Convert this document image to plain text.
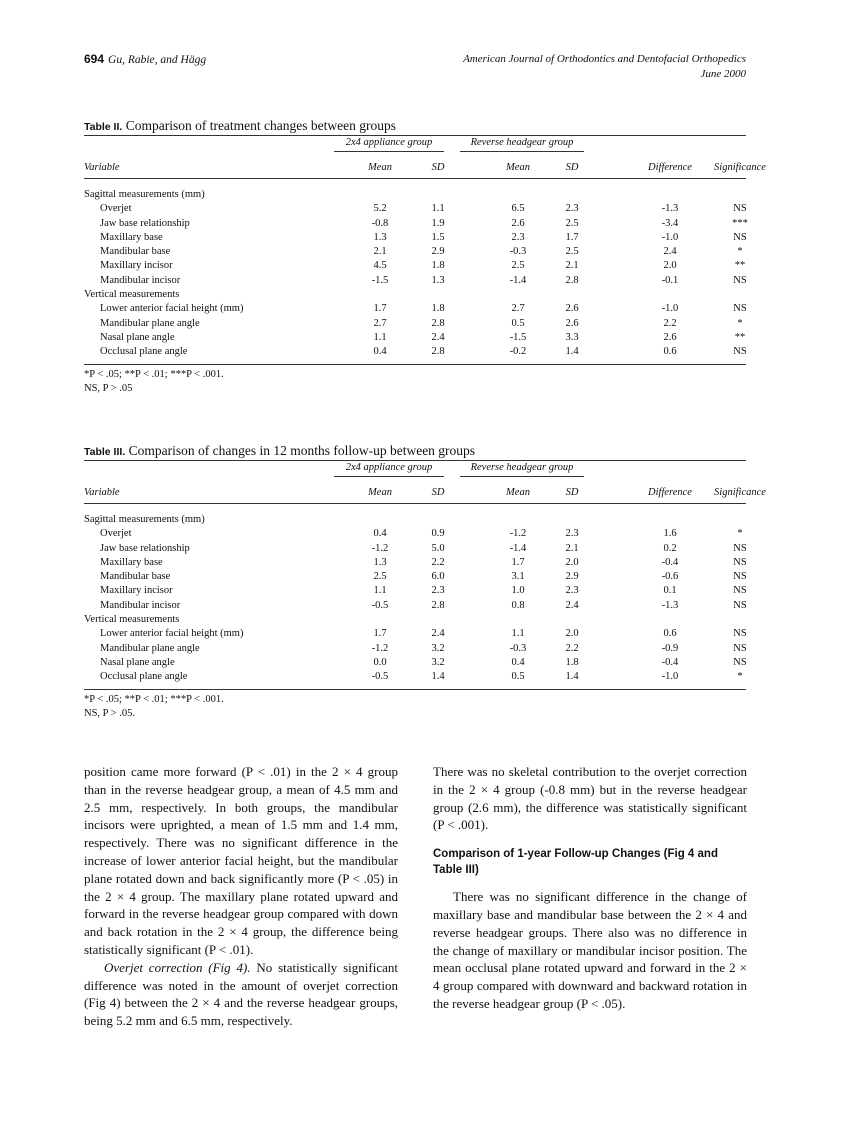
694 Gu, Rabie, and Hägg	American Journal of Orthodontics and Dentofacial Orthopedics
June 2000
Table II. Comparison of treatment changes between groups
2x4 appliance group	Reverse headgear group
Variable	Mean	SD	Mean	SD	Difference	Significance
Sagittal measurements (mm)
Overjet	5.2	1.1	6.5	2.3	-1.3	NS
Jaw base relationship	-0.8	1.9	2.6	2.5	-3.4	***
Maxillary base	1.3	1.5	2.3	1.7	-1.0	NS
Mandibular base	2.1	2.9	-0.3	2.5	2.4	*
Maxillary incisor	4.5	1.8	2.5	2.1	2.0	**
Mandibular incisor	-1.5	1.3	-1.4	2.8	-0.1	NS
Vertical measurements
Lower anterior facial height (mm)	1.7	1.8	2.7	2.6	-1.0	NS
Mandibular plane angle	2.7	2.8	0.5	2.6	2.2	*
Nasal plane angle	1.1	2.4	-1.5	3.3	2.6	**
Occlusal plane angle	0.4	2.8	-0.2	1.4	0.6	NS
*P < .05; **P < .01; ***P < .001.
NS, P > .05
Table III. Comparison of changes in 12 months follow-up between groups
2x4 appliance group	Reverse headgear group
Variable	Mean	SD	Mean	SD	Difference	Significance
Sagittal measurements (mm)
Overjet	0.4	0.9	-1.2	2.3	1.6	*
Jaw base relationship	-1.2	5.0	-1.4	2.1	0.2	NS
Maxillary base	1.3	2.2	1.7	2.0	-0.4	NS
Mandibular base	2.5	6.0	3.1	2.9	-0.6	NS
Maxillary incisor	1.1	2.3	1.0	2.3	0.1	NS
Mandibular incisor	-0.5	2.8	0.8	2.4	-1.3	NS
Vertical measurements
Lower anterior facial height (mm)	1.7	2.4	1.1	2.0	0.6	NS
Mandibular plane angle	-1.2	3.2	-0.3	2.2	-0.9	NS
Nasal plane angle	0.0	3.2	0.4	1.8	-0.4	NS
Occlusal plane angle	-0.5	1.4	0.5	1.4	-1.0	*
*P < .05; **P < .01; ***P < .001.
NS, P > .05.

position came more forward (P < .01) in the 2 × 4 group than in the reverse headgear group, a mean of 4.5 mm and 2.5 mm, respectively. In both groups, the mandibular incisors were uprighted, a mean of 1.5 mm and 1.4 mm, respectively. There was no significant difference in the increase of lower anterior facial height, but the mandibular plane rotated down and back significantly more (P < .05) in the 2 × 4 group. The maxillary plane rotated upward and forward in the reverse headgear group compared with down and back rotation in the 2 × 4 group, the difference being statistically significant (P < .01).

Overjet correction (Fig 4). No statistically significant difference was noted in the amount of overjet correction (Fig 4) between the 2 × 4 and the reverse headgear groups, being 5.2 mm and 6.5 mm, respectively.

There was no skeletal contribution to the overjet correction in the 2 × 4 group (-0.8 mm) but in the reverse headgear group (2.6 mm), the difference was statistically significant (P < .001).

Comparison of 1-year Follow-up Changes (Fig 4 and Table III)

There was no significant difference in the change of maxillary base and mandibular base between the 2 × 4 and reverse headgear groups. There also was no difference in the change of maxillary or mandibular incisor position. The mean occlusal plane rotated upward and forward in the 2 × 4 group compared with downward and backward rotation in the reverse headgear group (P < .05).
